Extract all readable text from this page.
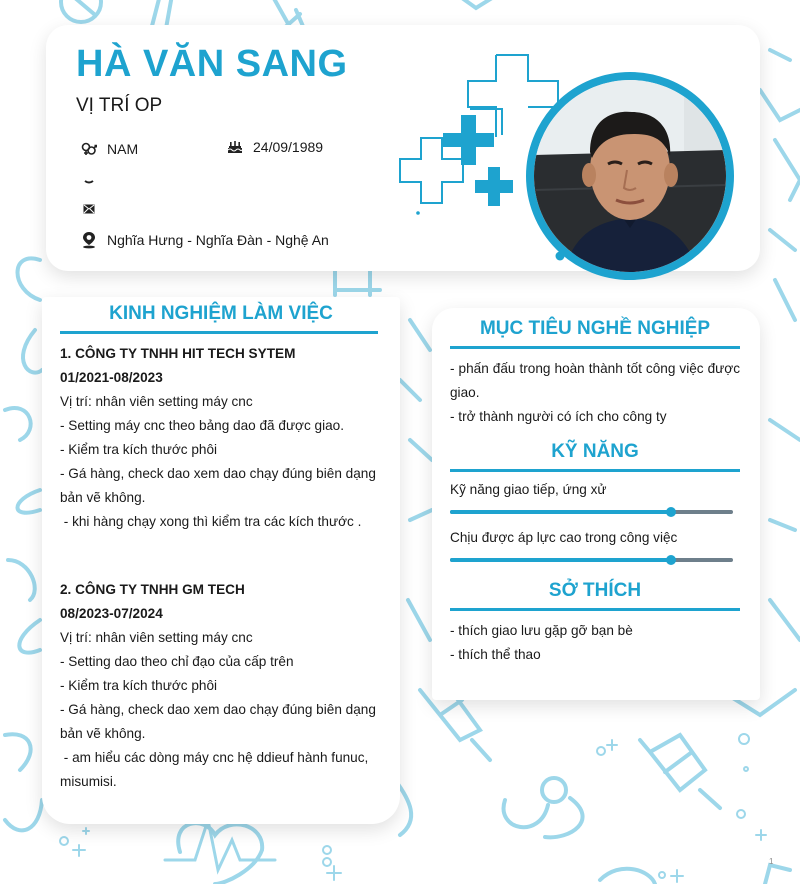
HÀ VĂN SANG
VỊ TRÍ OP
NAM	24/09/1989
Nghĩa Hưng - Nghĩa Đàn - Nghệ An
KINH NGHIỆM LÀM VIỆC
1. CÔNG TY TNHH HIT TECH SYTEM
01/2021-08/2023
Vị trí: nhân viên setting máy cnc
- Setting máy cnc theo bảng dao đã được giao.
- Kiểm tra kích thước phôi
- Gá hàng, check dao xem dao chạy đúng biên dạng bản vẽ không.
- khi hàng chạy xong thì kiểm tra các kích thước .
2. CÔNG TY TNHH GM TECH
08/2023-07/2024
Vị trí: nhân viên setting máy cnc
- Setting dao theo chỉ đạo của cấp trên
- Kiểm tra kích thước phôi
- Gá hàng, check dao xem dao chạy đúng biên dạng bản vẽ không.
- am hiểu các dòng máy cnc hệ ddieuf hành funuc, misumisi.
MỤC TIÊU NGHỀ NGHIỆP
- phấn đấu trong hoàn thành tốt công việc được giao.
- trở thành người có ích cho công ty
KỸ NĂNG
Kỹ năng giao tiếp, ứng xử
Chịu được áp lực cao trong công việc
SỞ THÍCH
- thích giao lưu gặp gỡ bạn bè
- thích thể thao
1
